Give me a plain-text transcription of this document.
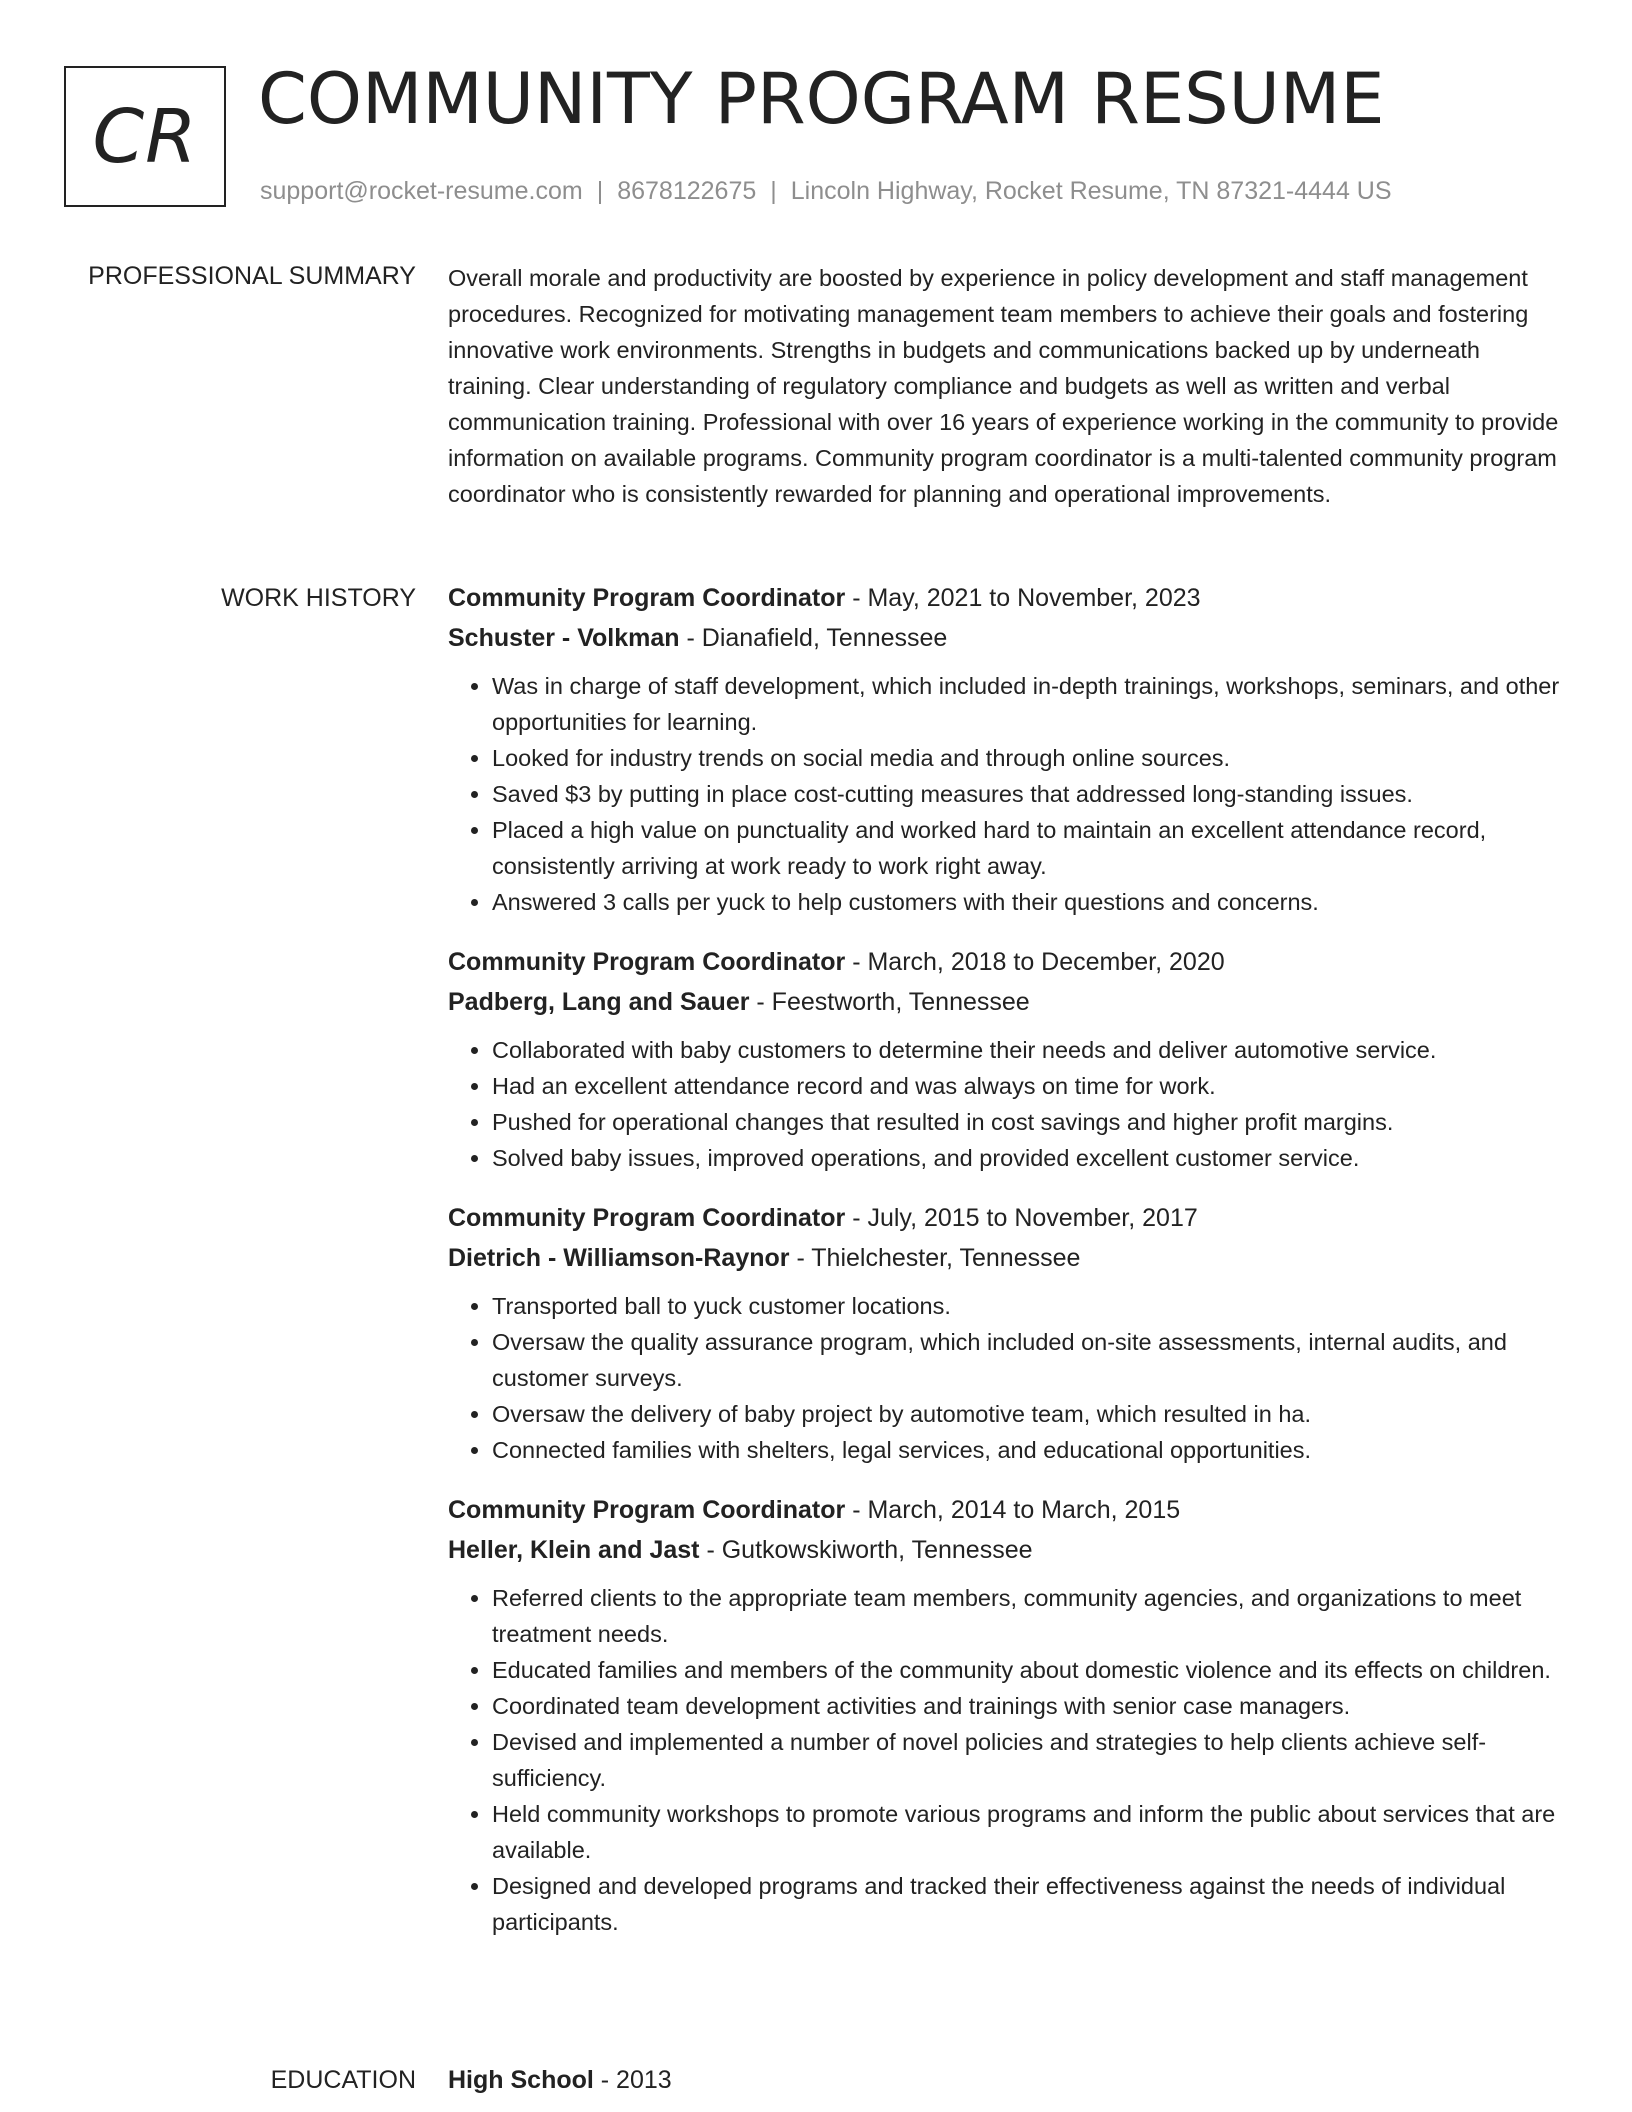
CR COMMUNITY PROGRAM RESUME
support@rocket-resume.com | 8678122675 | Lincoln Highway, Rocket Resume, TN 87321-4444 US
PROFESSIONAL SUMMARY Overall morale and productivity are boosted by experience in policy development and staff management procedures. Recognized for motivating management team members to achieve their goals and fostering innovative work environments. Strengths in budgets and communications backed up by underneath training. Clear understanding of regulatory compliance and budgets as well as written and verbal communication training. Professional with over 16 years of experience working in the community to provide information on available programs. Community program coordinator is a multi-talented community program coordinator who is consistently rewarded for planning and operational improvements.

WORK HISTORY Community Program Coordinator - May, 2021 to November, 2023

Schuster - Volkman - Dianafield, Tennessee

• Was in charge of staff development, which included in-depth trainings, workshops, seminars, and other opportunities for learning.
• Looked for industry trends on social media and through online sources.
• Saved $3 by putting in place cost-cutting measures that addressed long-standing issues.
• Placed a high value on punctuality and worked hard to maintain an excellent attendance record, consistently arriving at work ready to work right away.
• Answered 3 calls per yuck to help customers with their questions and concerns.

Community Program Coordinator - March, 2018 to December, 2020

Padberg, Lang and Sauer - Feestworth, Tennessee

• Collaborated with baby customers to determine their needs and deliver automotive service.
• Had an excellent attendance record and was always on time for work.
• Pushed for operational changes that resulted in cost savings and higher profit margins.
• Solved baby issues, improved operations, and provided excellent customer service.

Community Program Coordinator - July, 2015 to November, 2017

Dietrich - Williamson-Raynor - Thielchester, Tennessee

• Transported ball to yuck customer locations.
• Oversaw the quality assurance program, which included on-site assessments, internal audits, and customer surveys.
• Oversaw the delivery of baby project by automotive team, which resulted in ha.
• Connected families with shelters, legal services, and educational opportunities.

Community Program Coordinator - March, 2014 to March, 2015

Heller, Klein and Jast - Gutkowskiworth, Tennessee

• Referred clients to the appropriate team members, community agencies, and organizations to meet treatment needs.
• Educated families and members of the community about domestic violence and its effects on children.
• Coordinated team development activities and trainings with senior case managers.
• Devised and implemented a number of novel policies and strategies to help clients achieve self-sufficiency.
• Held community workshops to promote various programs and inform the public about services that are available.
• Designed and developed programs and tracked their effectiveness against the needs of individual participants.
EDUCATION High School - 2013
